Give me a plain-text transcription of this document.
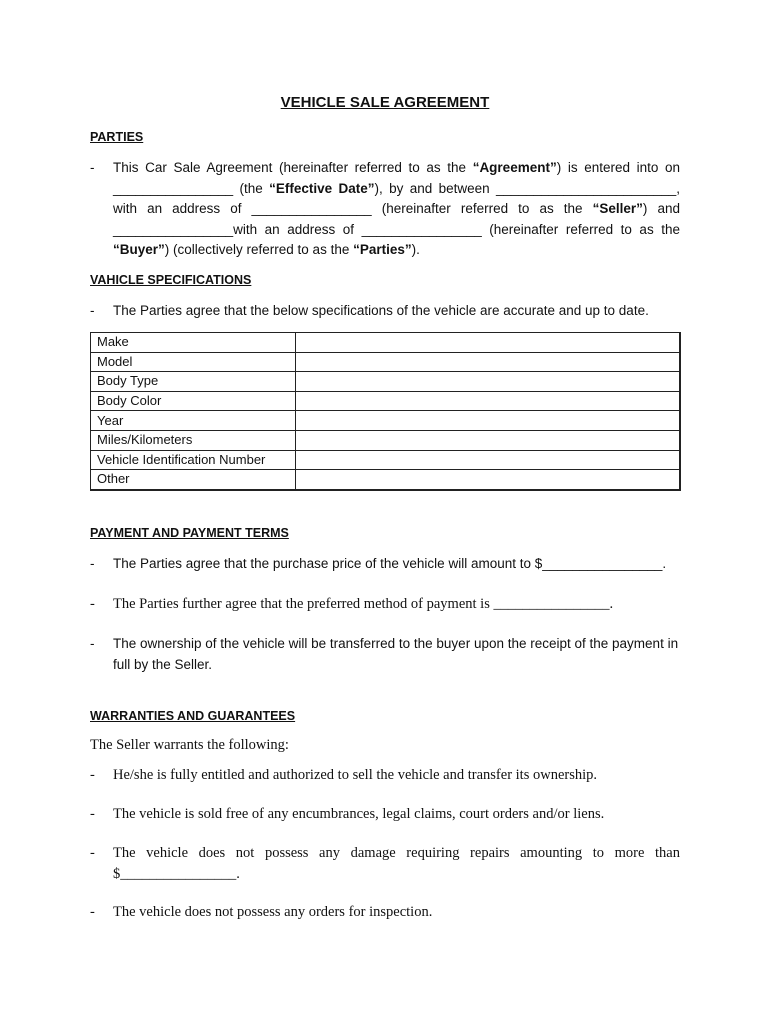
VEHICLE SALE AGREEMENT
PARTIES
- This Car Sale Agreement (hereinafter referred to as the “Agreement”) is entered into on
________________ (the “Effective Date”), by and between ________________________,
with an address of ________________ (hereinafter referred to as the “Seller”) and
________________with an address of ________________ (hereinafter referred to as the
“Buyer”) (collectively referred to as the “Parties”).
VAHICLE SPECIFICATIONS
- The Parties agree that the below specifications of the vehicle are accurate and up to date.
Make	
Model	
Body Type	
Body Color	
Year	
Miles/Kilometers	
Vehicle Identification Number	
Other	
PAYMENT AND PAYMENT TERMS
- The Parties agree that the purchase price of the vehicle will amount to $________________.
- The Parties further agree that the preferred method of payment is ________________.
- The ownership of the vehicle will be transferred to the buyer upon the receipt of the payment in full by the Seller.
WARRANTIES AND GUARANTEES
The Seller warrants the following:
- He/she is fully entitled and authorized to sell the vehicle and transfer its ownership.
- The vehicle is sold free of any encumbrances, legal claims, court orders and/or liens.
- The vehicle does not possess any damage requiring repairs amounting to more than $________________.
- The vehicle does not possess any orders for inspection.
